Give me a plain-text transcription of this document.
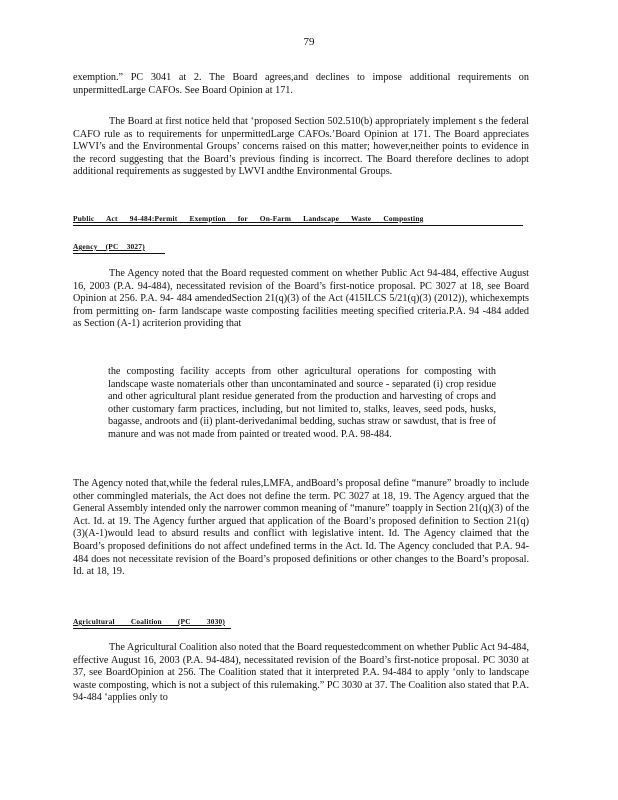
79

exemption.” PC 3041 at 2. The Board agrees,and declines to impose additional requirements on unpermittedLarge CAFOs. See Board Opinion at 171.

The Board at first notice held that ‘proposed Section 502.510(b) appropriately implement s the federal CAFO rule as to requirements for unpermittedLarge CAFOs.’Board Opinion at 171. The Board appreciates LWVI’s and the Environmental Groups’ concerns raised on this matter; however,neither points to evidence in the record suggesting that the Board’s previous finding is incorrect. The Board therefore declines to adopt additional requirements as suggested by LWVI andthe Environmental Groups.

Public Act 94-484:Permit Exemption for On-Farm Landscape Waste Composting

Agency (PC 3027)

The Agency noted that the Board requested comment on whether Public Act 94-484, effective August 16, 2003 (P.A. 94-484), necessitated revision of the Board’s first-notice proposal. PC 3027 at 18, see Board Opinion at 256. P.A. 94- 484 amendedSection 21(q)(3) of the Act (415ILCS 5/21(q)(3) (2012)), whichexempts from permitting on- farm landscape waste composting facilities meeting specified criteria.P.A. 94 -484 added as Section (A-1) acriterion providing that

the composting facility accepts from other agricultural operations for composting with landscape waste nomaterials other than uncontaminated and source - separated (i) crop residue and other agricultural plant residue generated from the production and harvesting of crops and other customary farm practices, including, but not limited to, stalks, leaves, seed pods, husks, bagasse, androots and (ii) plant-derivedanimal bedding, suchas straw or sawdust, that is free of manure and was not made from painted or treated wood. P.A. 98-484.

The Agency noted that,while the federal rules,LMFA, andBoard’s proposal define “manure” broadly to include other commingled materials, the Act does not define the term. PC 3027 at 18, 19. The Agency argued that the General Assembly intended only the narrower common meaning of “manure” toapply in Section 21(q)(3) of the Act. Id. at 19. The Agency further argued that application of the Board’s proposed definition to Section 21(q)(3)(A-1)would lead to absurd results and conflict with legislative intent. Id. The Agency claimed that the Board’s proposed definitions do not affect undefined terms in the Act. Id. The Agency concluded that P.A. 94-484 does not necessitate revision of the Board’s proposed definitions or other changes to the Board’s proposal. Id. at 18, 19.

Agricultural Coalition (PC 3030)

The Agricultural Coalition also noted that the Board requestedcomment on whether Public Act 94-484, effective August 16, 2003 (P.A. 94-484), necessitated revision of the Board’s first-notice proposal. PC 3030 at 37, see BoardOpinion at 256. The Coalition stated that it interpreted P.A. 94-484 to apply ‘only to landscape waste composting, which is not a subject of this rulemaking.” PC 3030 at 37. The Coalition also stated that P.A. 94-484 ‘applies only to
